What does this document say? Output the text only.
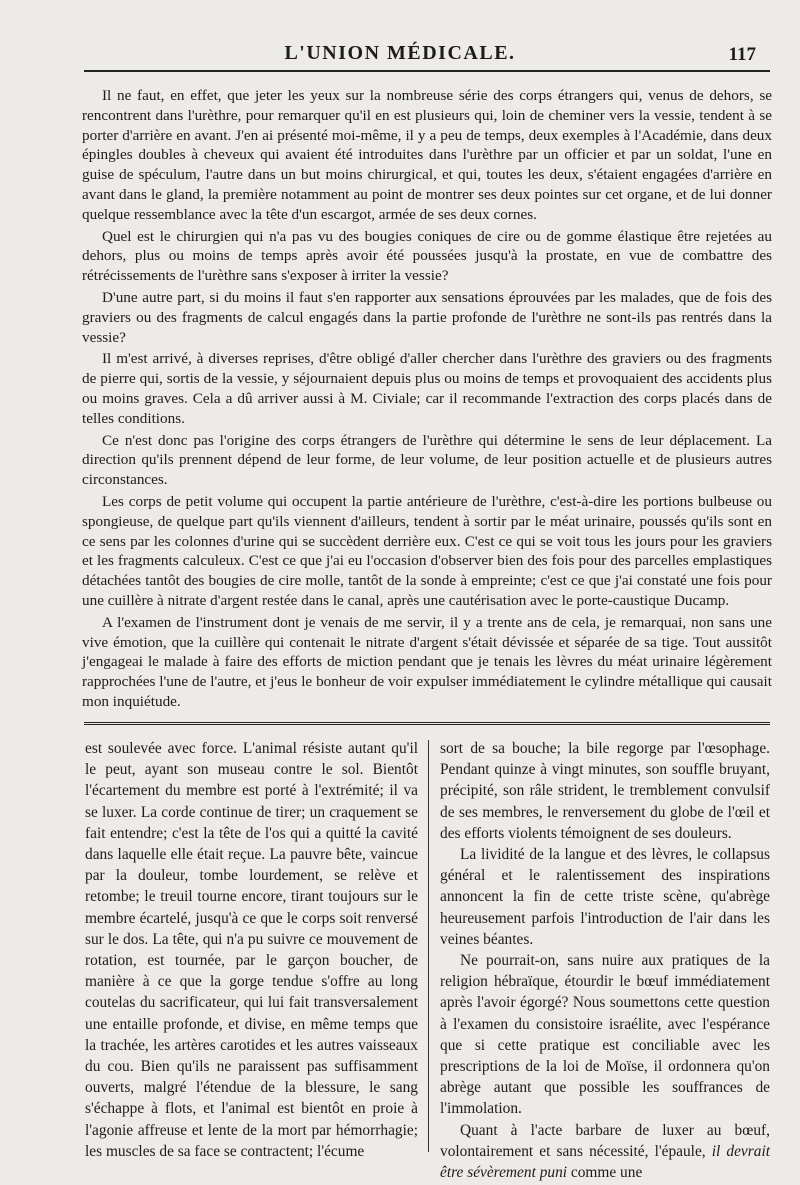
L'UNION MÉDICALE.	117

Il ne faut, en effet, que jeter les yeux sur la nombreuse série des corps étrangers qui, venus de dehors, se rencontrent dans l'urèthre, pour remarquer qu'il en est plusieurs qui, loin de cheminer vers la vessie, tendent à se porter d'arrière en avant. J'en ai présenté moi-même, il y a peu de temps, deux exemples à l'Académie, dans deux épingles doubles à cheveux qui avaient été introduites dans l'urèthre par un officier et par un soldat, l'une en guise de spéculum, l'autre dans un but moins chirurgical, et qui, toutes les deux, s'étaient engagées d'arrière en avant dans le gland, la première notamment au point de montrer ses deux pointes sur cet organe, et de lui donner quelque ressemblance avec la tête d'un escargot, armée de ses deux cornes.

Quel est le chirurgien qui n'a pas vu des bougies coniques de cire ou de gomme élastique être rejetées au dehors, plus ou moins de temps après avoir été poussées jusqu'à la prostate, en vue de combattre des rétrécissements de l'urèthre sans s'exposer à irriter la vessie?

D'une autre part, si du moins il faut s'en rapporter aux sensations éprouvées par les malades, que de fois des graviers ou des fragments de calcul engagés dans la partie profonde de l'urèthre ne sont-ils pas rentrés dans la vessie?

Il m'est arrivé, à diverses reprises, d'être obligé d'aller chercher dans l'urèthre des graviers ou des fragments de pierre qui, sortis de la vessie, y séjournaient depuis plus ou moins de temps et provoquaient des accidents plus ou moins graves. Cela a dû arriver aussi à M. Civiale; car il recommande l'extraction des corps placés dans de telles conditions.

Ce n'est donc pas l'origine des corps étrangers de l'urèthre qui détermine le sens de leur déplacement. La direction qu'ils prennent dépend de leur forme, de leur volume, de leur position actuelle et de plusieurs autres circonstances.

Les corps de petit volume qui occupent la partie antérieure de l'urèthre, c'est-à-dire les portions bulbeuse ou spongieuse, de quelque part qu'ils viennent d'ailleurs, tendent à sortir par le méat urinaire, poussés qu'ils sont en ce sens par les colonnes d'urine qui se succèdent derrière eux. C'est ce qui se voit tous les jours pour les graviers et les fragments calculeux. C'est ce que j'ai eu l'occasion d'observer bien des fois pour des parcelles emplastiques détachées tantôt des bougies de cire molle, tantôt de la sonde à empreinte; c'est ce que j'ai constaté une fois pour une cuillère à nitrate d'argent restée dans le canal, après une cautérisation avec le porte-caustique Ducamp.

A l'examen de l'instrument dont je venais de me servir, il y a trente ans de cela, je remarquai, non sans une vive émotion, que la cuillère qui contenait le nitrate d'argent s'était dévissée et séparée de sa tige. Tout aussitôt j'engageai le malade à faire des efforts de miction pendant que je tenais les lèvres du méat urinaire légèrement rapprochées l'une de l'autre, et j'eus le bonheur de voir expulser immédiatement le cylindre métallique qui causait mon inquiétude.

est soulevée avec force. L'animal résiste autant qu'il le peut, ayant son museau contre le sol. Bientôt l'écartement du membre est porté à l'extrémité; il va se luxer. La corde continue de tirer; un craquement se fait entendre; c'est la tête de l'os qui a quitté la cavité dans laquelle elle était reçue. La pauvre bête, vaincue par la douleur, tombe lourdement, se relève et retombe; le treuil tourne encore, tirant toujours sur le membre écartelé, jusqu'à ce que le corps soit renversé sur le dos. La tête, qui n'a pu suivre ce mouvement de rotation, est tournée, par le garçon boucher, de manière à ce que la gorge tendue s'offre au long coutelas du sacrificateur, qui lui fait transversalement une entaille profonde, et divise, en même temps que la trachée, les artères carotides et les autres vaisseaux du cou. Bien qu'ils ne paraissent pas suffisamment ouverts, malgré l'étendue de la blessure, le sang s'échappe à flots, et l'animal est bientôt en proie à l'agonie affreuse et lente de la mort par hémorrhagie; les muscles de sa face se contractent; l'écume

sort de sa bouche; la bile regorge par l'œsophage. Pendant quinze à vingt minutes, son souffle bruyant, précipité, son râle strident, le tremblement convulsif de ses membres, le renversement du globe de l'œil et des efforts violents témoignent de ses douleurs.

La lividité de la langue et des lèvres, le collapsus général et le ralentissement des inspirations annoncent la fin de cette triste scène, qu'abrège heureusement parfois l'introduction de l'air dans les veines béantes.

Ne pourrait-on, sans nuire aux pratiques de la religion hébraïque, étourdir le bœuf immédiatement après l'avoir égorgé? Nous soumettons cette question à l'examen du consistoire israélite, avec l'espérance que si cette pratique est conciliable avec les prescriptions de la loi de Moïse, il ordonnera qu'on abrège autant que possible les souffrances de l'immolation.

Quant à l'acte barbare de luxer au bœuf, volontairement et sans nécessité, l'épaule, il devrait être sévèrement puni comme une
